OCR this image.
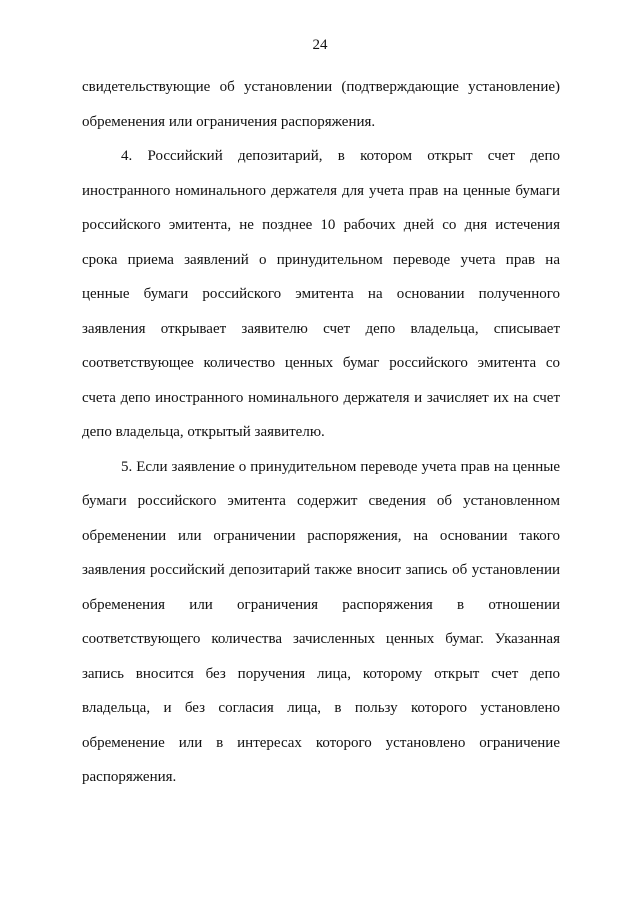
24
свидетельствующие об установлении (подтверждающие установление)
обременения или ограничения распоряжения.
4. Российский депозитарий, в котором открыт счет депо
иностранного номинального держателя для учета прав на ценные бумаги
российского эмитента, не позднее 10 рабочих дней со дня истечения
срока приема заявлений о принудительном переводе учета прав на
ценные бумаги российского эмитента на основании полученного
заявления открывает заявителю счет депо владельца, списывает
соответствующее количество ценных бумаг российского эмитента со
счета депо иностранного номинального держателя и зачисляет их на счет
депо владельца, открытый заявителю.
5. Если заявление о принудительном переводе учета прав на ценные
бумаги российского эмитента содержит сведения об установленном
обременении или ограничении распоряжения, на основании такого
заявления российский депозитарий также вносит запись об установлении
обременения или ограничения распоряжения в отношении
соответствующего количества зачисленных ценных бумаг. Указанная
запись вносится без поручения лица, которому открыт счет депо
владельца, и без согласия лица, в пользу которого установлено
обременение или в интересах которого установлено ограничение
распоряжения.
